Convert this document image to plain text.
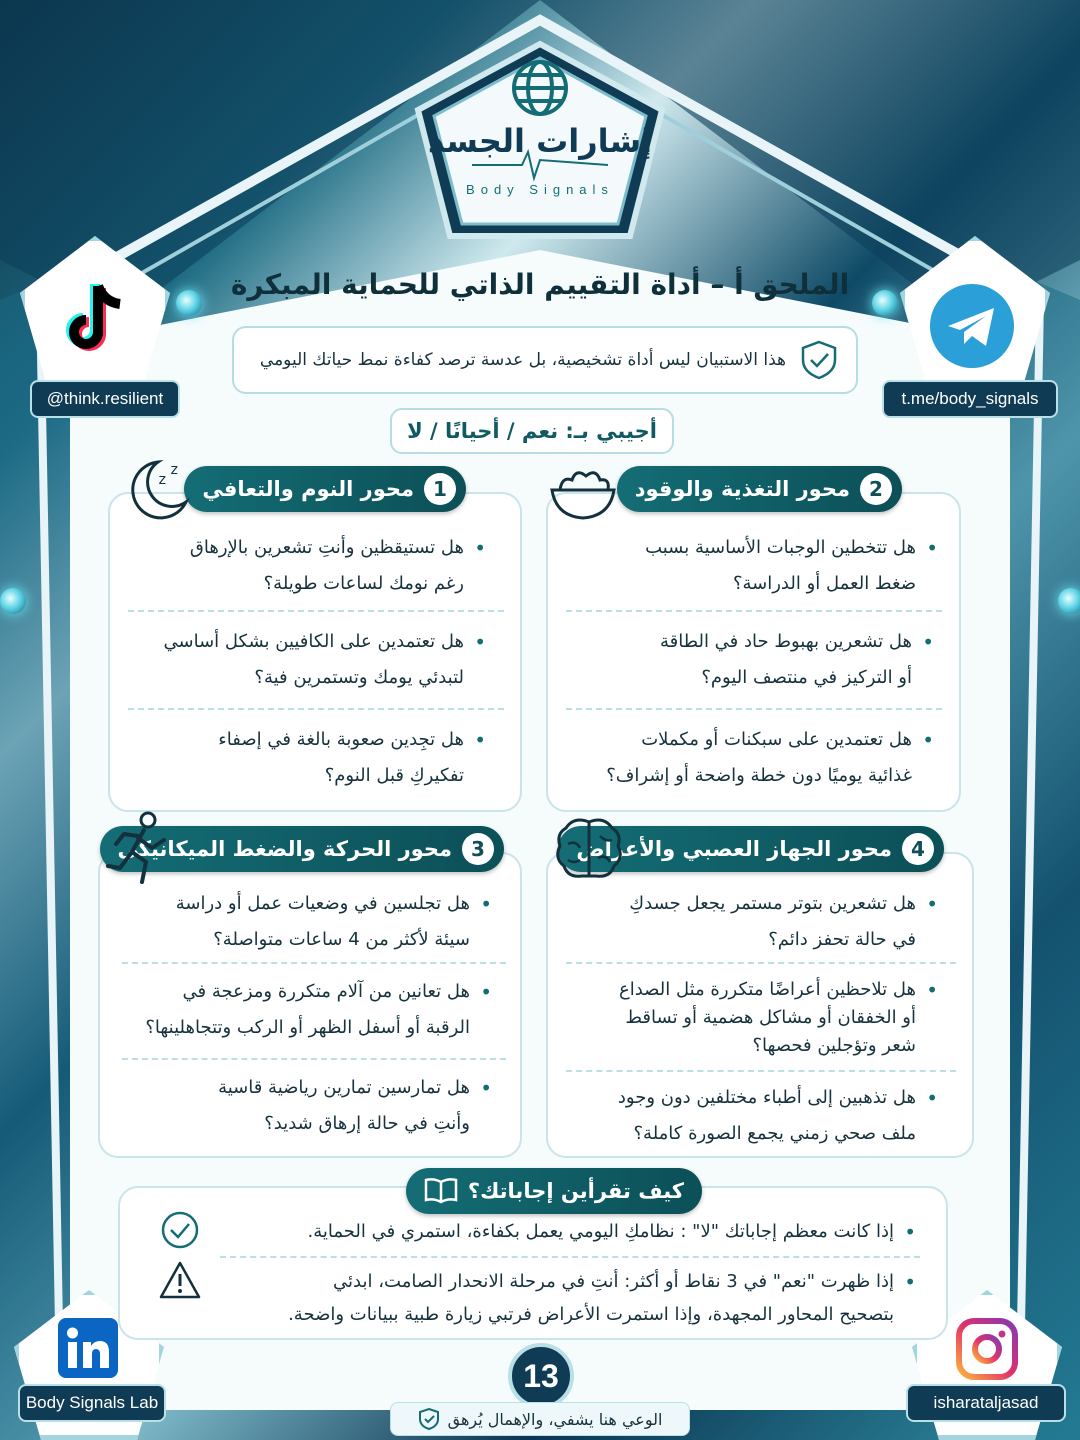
إشارات الجسد
Body Signals
@think.resilient	t.me/body_signals
Body Signals Lab	isharataljasad
الملحق أ – أداة التقييم الذاتي للحماية المبكرة
هذا الاستبيان ليس أداة تشخيصية، بل عدسة ترصد كفاءة نمط حياتك اليومي
أجيبي بـ: نعم / أحيانًا / لا
2
محور التغذية والوقود
• هل تتخطين الوجبات الأساسية بسبب
ضغط العمل أو الدراسة؟
• هل تشعرين بهبوط حاد في الطاقة
أو التركيز في منتصف اليوم؟
• هل تعتمدين على سبكنات أو مكملات
غذائية يوميًا دون خطة واضحة أو إشراف؟
1
محور النوم والتعافي
z
z
• هل تستيقظين وأنتِ تشعرين بالإرهاق
رغم نومك لساعات طويلة؟
• هل تعتمدين على الكافيين بشكل أساسي
لتبدئي يومك وتستمرين فية؟
• هل تجِدين صعوبة بالغة في إصفاء
تفكيركِ قبل النوم؟
4
محور الجهاز العصبي والأعراض
• هل تشعرين بتوتر مستمر يجعل جسدكِ
في حالة تحفز دائم؟
• هل تلاحظين أعراضًا متكررة مثل الصداع
أو الخفقان أو مشاكل هضمية أو تساقط
شعر وتؤجلين فحصها؟
• هل تذهبين إلى أطباء مختلفين دون وجود
ملف صحي زمني يجمع الصورة كاملة؟
3
محور الحركة والضغط الميكانيكي
• هل تجلسين في وضعيات عمل أو دراسة
سيئة لأكثر من 4 ساعات متواصلة؟
• هل تعانين من آلام متكررة ومزعجة في
الرقبة أو أسفل الظهر أو الركب وتتجاهلينها؟
• هل تمارسين تمارين رياضية قاسية
وأنتِ في حالة إرهاق شديد؟
كيف تقرأين إجاباتك؟
• إذا كانت معظم إجاباتك "لا" : نظامكِ اليومي يعمل بكفاءة، استمري في الحماية.
• إذا ظهرت "نعم" في 3 نقاط أو أكثر: أنتِ في مرحلة الانحدار الصامت، ابدئي
بتصحيح المحاور المجهدة، وإذا استمرت الأعراض فرتبي زيارة طبية ببيانات واضحة.
13
الوعي هنا يشفي، والإهمال يُرهق
